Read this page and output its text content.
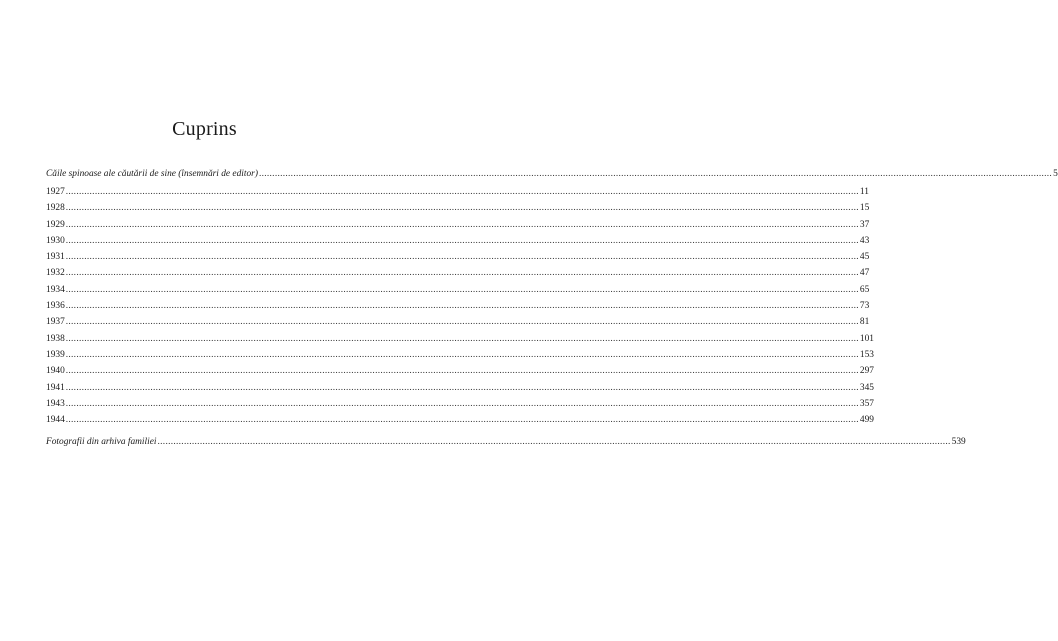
Cuprins
Căile spinoase ale căutării de sine (însemnări de editor) ............................................................................................................................................................................................................................................................................................................ 5
1927 ............................................................................................................................................................................................................................................................................................................ 11
1928 ............................................................................................................................................................................................................................................................................................................ 15
1929 ............................................................................................................................................................................................................................................................................................................ 37
1930 ............................................................................................................................................................................................................................................................................................................ 43
1931 ............................................................................................................................................................................................................................................................................................................ 45
1932 ............................................................................................................................................................................................................................................................................................................ 47
1934 ............................................................................................................................................................................................................................................................................................................ 65
1936 ............................................................................................................................................................................................................................................................................................................ 73
1937 ............................................................................................................................................................................................................................................................................................................ 81
1938 ............................................................................................................................................................................................................................................................................................................ 101
1939 ............................................................................................................................................................................................................................................................................................................ 153
1940 ............................................................................................................................................................................................................................................................................................................ 297
1941 ............................................................................................................................................................................................................................................................................................................ 345
1943 ............................................................................................................................................................................................................................................................................................................ 357
1944 ............................................................................................................................................................................................................................................................................................................ 499
Fotografii din arhiva familiei ............................................................................................................................................................................................................................................................................................................ 539
